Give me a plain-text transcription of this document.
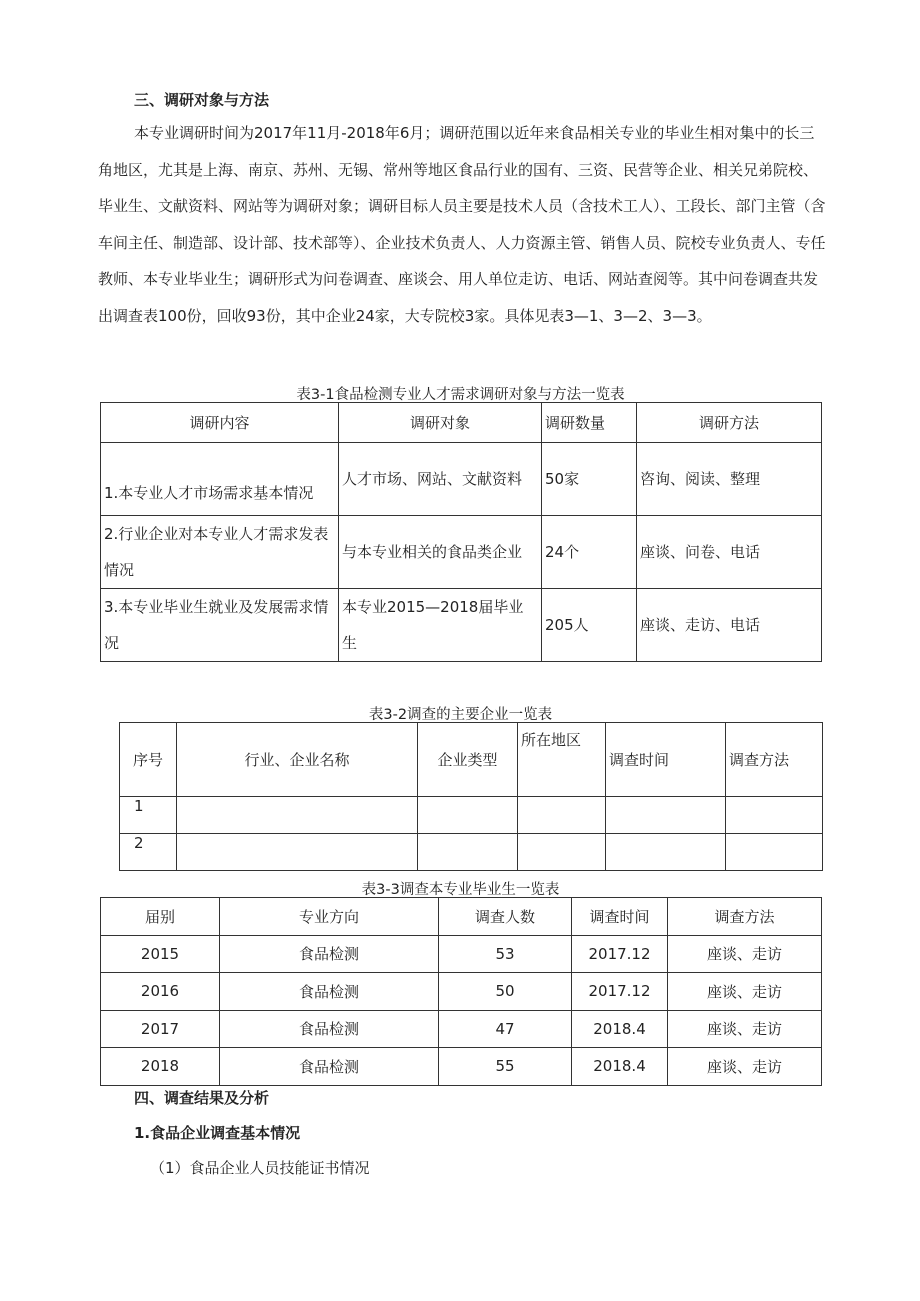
三、调研对象与方法

本专业调研时间为2017年11月-2018年6月；调研范围以近年来食品相关专业的毕业生相对集中的长三角地区，尤其是上海、南京、苏州、无锡、常州等地区食品行业的国有、三资、民营等企业、相关兄弟院校、毕业生、文献资料、网站等为调研对象；调研目标人员主要是技术人员（含技术工人）、工段长、部门主管（含车间主任、制造部、设计部、技术部等）、企业技术负责人、人力资源主管、销售人员、院校专业负责人、专任教师、本专业毕业生；调研形式为问卷调查、座谈会、用人单位走访、电话、网站查阅等。其中问卷调查共发出调查表100份，回收93份，其中企业24家，大专院校3家。具体见表3—1、3—2、3—3。

表3-1食品检测专业人才需求调研对象与方法一览表
调研内容	调研对象	调研数量	调研方法
1.本专业人才市场需求基本情况	人才市场、网站、文献资料	50家	咨询、阅读、整理
2.行业企业对本专业人才需求发表情况	与本专业相关的食品类企业	24个	座谈、问卷、电话
3.本专业毕业生就业及发展需求情况	本专业2015—2018届毕业生	205人	座谈、走访、电话
表3-2调查的主要企业一览表
序号	行业、企业名称	企业类型	所在地区	调查时间	调查方法
1					
2					
表3-3调查本专业毕业生一览表
届别	专业方向	调查人数	调查时间	调查方法
2015	食品检测	53	2017.12	座谈、走访
2016	食品检测	50	2017.12	座谈、走访
2017	食品检测	47	2018.4	座谈、走访
2018	食品检测	55	2018.4	座谈、走访
四、调查结果及分析
1.食品企业调查基本情况
（1）食品企业人员技能证书情况
